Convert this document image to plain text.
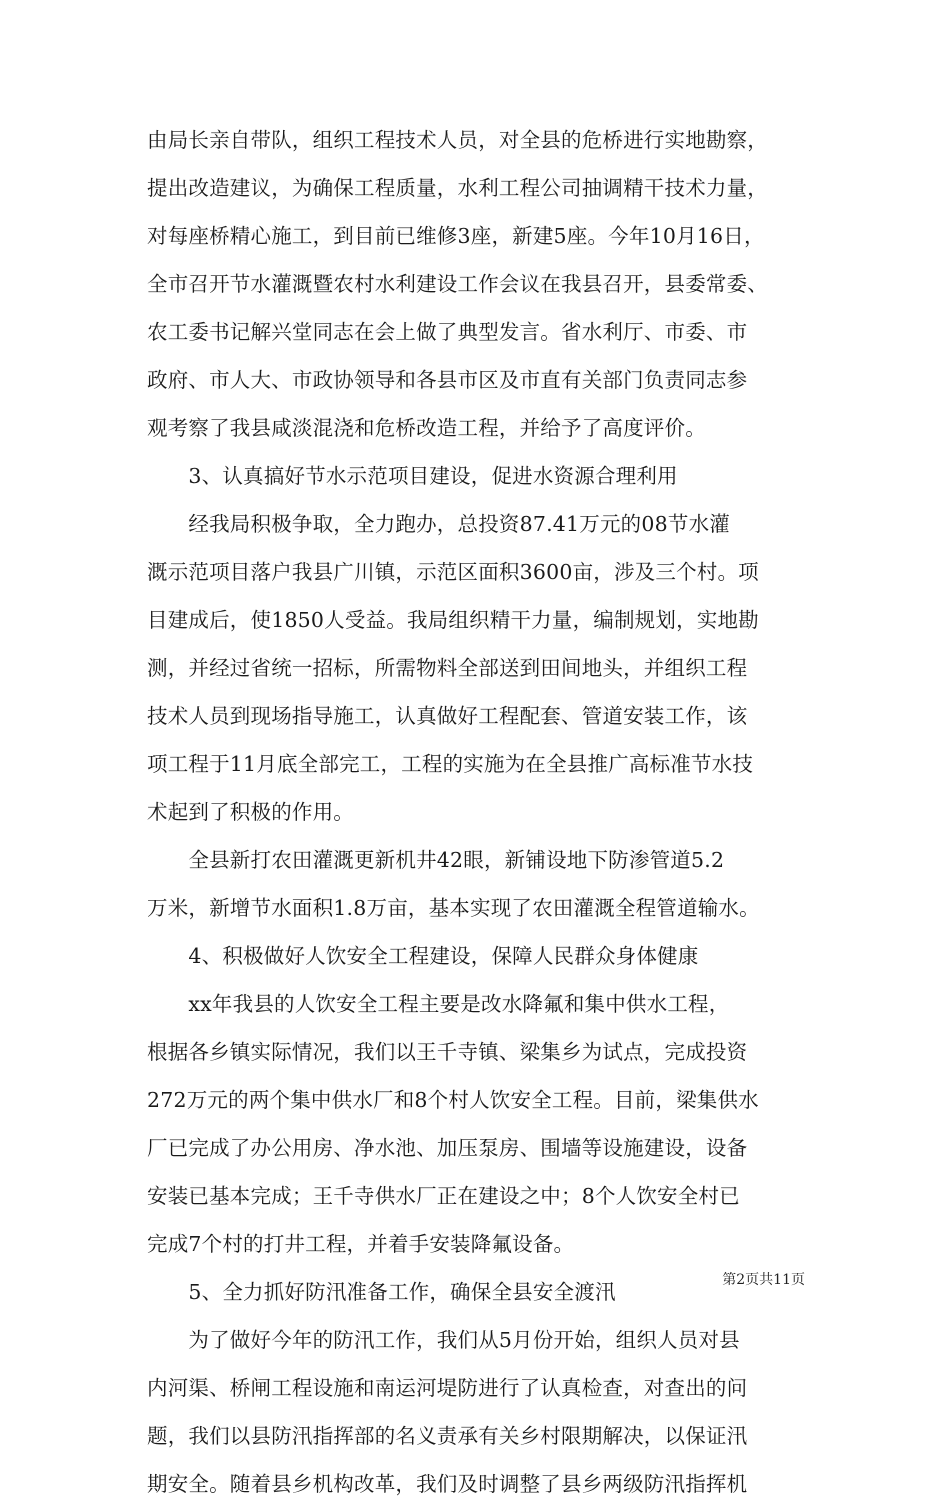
由局长亲自带队，组织工程技术人员，对全县的危桥进行实地勘察，
提出改造建议，为确保工程质量，水利工程公司抽调精干技术力量，
对每座桥精心施工，到目前已维修3座，新建5座。今年10月16日，
全市召开节水灌溉暨农村水利建设工作会议在我县召开，县委常委、
农工委书记解兴堂同志在会上做了典型发言。省水利厅、市委、市
政府、市人大、市政协领导和各县市区及市直有关部门负责同志参
观考察了我县咸淡混浇和危桥改造工程，并给予了高度评价。
　　3、认真搞好节水示范项目建设，促进水资源合理利用
　　经我局积极争取，全力跑办，总投资87.41万元的08节水灌
溉示范项目落户我县广川镇，示范区面积3600亩，涉及三个村。项
目建成后，使1850人受益。我局组织精干力量，编制规划，实地勘
测，并经过省统一招标，所需物料全部送到田间地头，并组织工程
技术人员到现场指导施工，认真做好工程配套、管道安装工作，该
项工程于11月底全部完工，工程的实施为在全县推广高标准节水技
术起到了积极的作用。
　　全县新打农田灌溉更新机井42眼，新铺设地下防渗管道5.2
万米，新增节水面积1.8万亩，基本实现了农田灌溉全程管道输水。
　　4、积极做好人饮安全工程建设，保障人民群众身体健康
　　xx年我县的人饮安全工程主要是改水降氟和集中供水工程，
根据各乡镇实际情况，我们以王千寺镇、梁集乡为试点，完成投资
272万元的两个集中供水厂和8个村人饮安全工程。目前，梁集供水
厂已完成了办公用房、净水池、加压泵房、围墙等设施建设，设备
安装已基本完成；王千寺供水厂正在建设之中；8个人饮安全村已
完成7个村的打井工程，并着手安装降氟设备。
　　5、全力抓好防汛准备工作，确保全县安全渡汛
　　为了做好今年的防汛工作，我们从5月份开始，组织人员对县
内河渠、桥闸工程设施和南运河堤防进行了认真检查，对查出的问
题，我们以县防汛指挥部的名义责承有关乡村限期解决，以保证汛
期安全。随着县乡机构改革，我们及时调整了县乡两级防汛指挥机
第2页共11页
